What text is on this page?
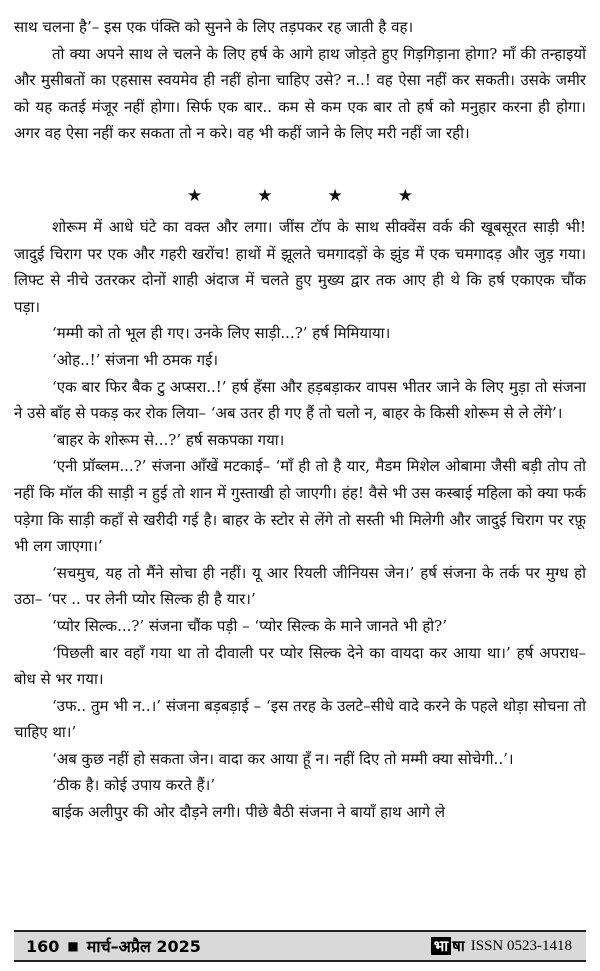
साथ चलना है’– इस एक पंक्ति को सुनने के लिए तड़पकर रह जाती है वह।

तो क्या अपने साथ ले चलने के लिए हर्ष के आगे हाथ जोड़ते हुए गिड़गिड़ाना होगा? माँ की तन्हाइयों और मुसीबतों का एहसास स्वयमेव ही नहीं होना चाहिए उसे? न..! वह ऐसा नहीं कर सकती। उसके जमीर को यह कतई मंजूर नहीं होगा। सिर्फ एक बार.. कम से कम एक बार तो हर्ष को मनुहार करना ही होगा। अगर वह ऐसा नहीं कर सकता तो न करे। वह भी कहीं जाने के लिए मरी नहीं जा रही।

★	★	★	★

शोरूम में आधे घंटे का वक्त और लगा। जींस टॉप के साथ सीक्वेंस वर्क की खूबसूरत साड़ी भी! जादुई चिराग पर एक और गहरी खरोंच! हाथों में झूलते चमगादड़ों के झुंड में एक चमगादड़ और जुड़ गया। लिफ्ट से नीचे उतरकर दोनों शाही अंदाज में चलते हुए मुख्य द्वार तक आए ही थे कि हर्ष एकाएक चौंक पड़ा।

‘मम्मी को तो भूल ही गए। उनके लिए साड़ी...?’ हर्ष मिमियाया।

‘ओह..!’ संजना भी ठमक गई।

‘एक बार फिर बैक टु अप्सरा..!’ हर्ष हँसा और हड़बड़ाकर वापस भीतर जाने के लिए मुड़ा तो संजना ने उसे बाँह से पकड़ कर रोक लिया– ‘अब उतर ही गए हैं तो चलो न, बाहर के किसी शोरूम से ले लेंगे’।

‘बाहर के शोरूम से...?’ हर्ष सकपका गया।

‘एनी प्रॉब्लम...?’ संजना आँखें मटकाई– ‘माँ ही तो है यार, मैडम मिशेल ओबामा जैसी बड़ी तोप तो नहीं कि मॉल की साड़ी न हुई तो शान में गुस्ताखी हो जाएगी। हंह! वैसे भी उस कस्बाई महिला को क्या फर्क पड़ेगा कि साड़ी कहाँ से खरीदी गई है। बाहर के स्टोर से लेंगे तो सस्ती भी मिलेगी और जादुई चिराग पर रफ़ू भी लग जाएगा।’

‘सचमुच, यह तो मैंने सोचा ही नहीं। यू आर रियली जीनियस जेन।’ हर्ष संजना के तर्क पर मुग्ध हो उठा– ‘पर .. पर लेनी प्योर सिल्क ही है यार।’

‘प्योर सिल्क...?’ संजना चौंक पड़ी – ‘प्योर सिल्क के माने जानते भी हो?’

‘पिछली बार वहाँ गया था तो दीवाली पर प्योर सिल्क देने का वायदा कर आया था।’ हर्ष अपराध–बोध से भर गया।

‘उफ.. तुम भी न..।’ संजना बड़बड़ाई – ‘इस तरह के उलटे–सीधे वादे करने के पहले थोड़ा सोचना तो चाहिए था।’

‘अब कुछ नहीं हो सकता जेन। वादा कर आया हूँ न। नहीं दिए तो मम्मी क्या सोचेगी..’।

‘ठीक है। कोई उपाय करते हैं।’

बाईक अलीपुर की ओर दौड़ने लगी। पीछे बैठी संजना ने बायाँ हाथ आगे ले

160 ■ मार्च–अप्रैल 2025	भा षा ISSN 0523-1418
